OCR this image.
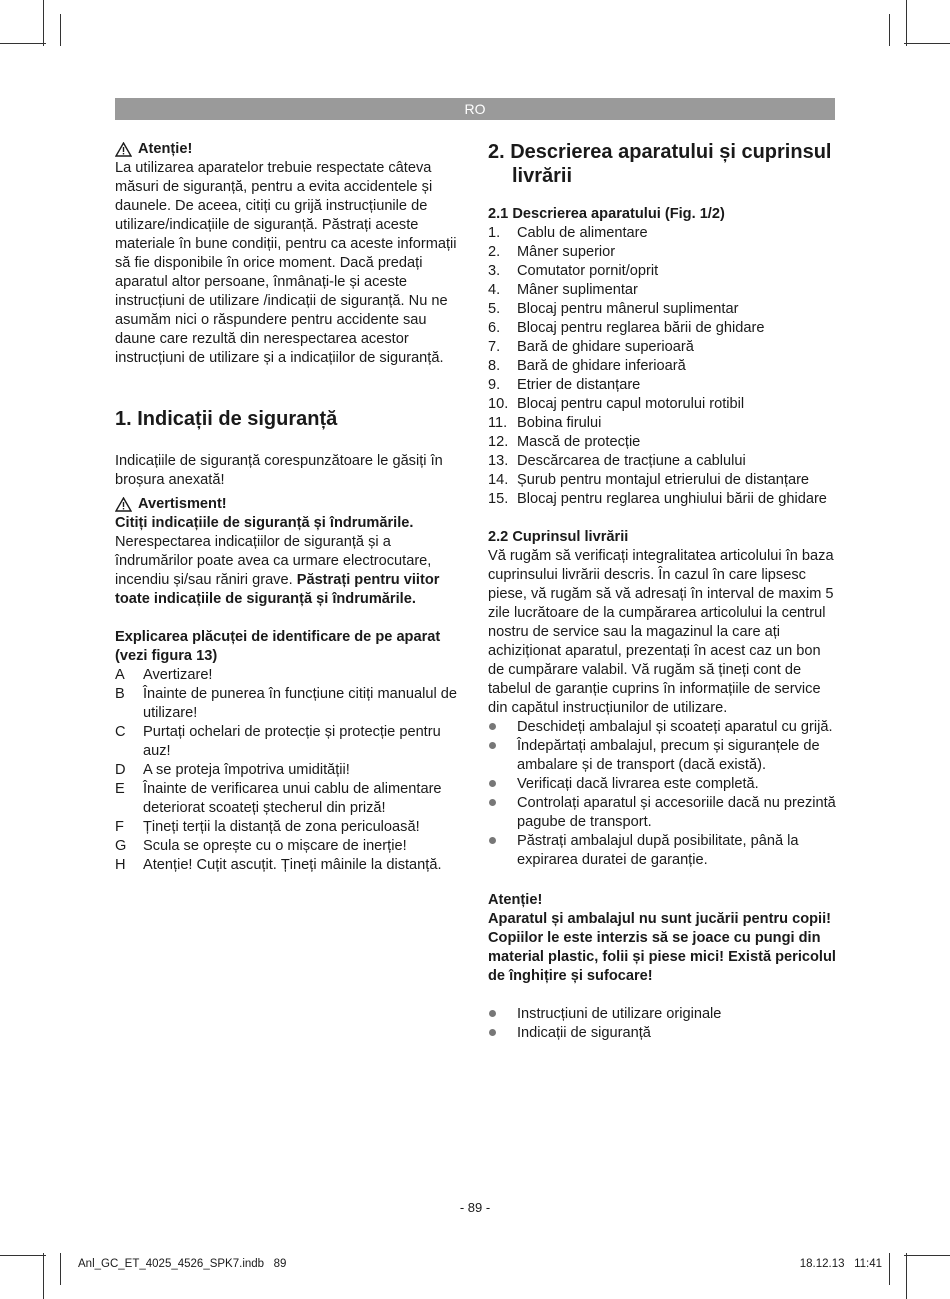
RO
Atenție!

La utilizarea aparatelor trebuie respectate câteva măsuri de siguranță, pentru a evita accidentele și daunele. De aceea, citiți cu grijă instrucțiunile de utilizare/indicațiile de siguranță. Păstrați aceste materiale în bune condiții, pentru ca aceste informații să fie disponibile în orice moment. Dacă predați aparatul altor persoane, înmânați-le și aceste instrucțiuni de utilizare /indicații de siguranță. Nu ne asumăm nici o răspundere pentru accidente sau daune care rezultă din nerespectarea acestor instrucțiuni de utilizare și a indicațiilor de siguranță.

1. Indicații de siguranță

Indicațiile de siguranță corespunzătoare le găsiți în broșura anexată!

Avertisment!

Citiți indicațiile de siguranță și îndrumările. Nerespectarea indicațiilor de siguranță și a îndrumărilor poate avea ca urmare electrocutare, incendiu și/sau răniri grave. Păstrați pentru viitor toate indicațiile de siguranță și îndrumările.

Explicarea plăcuței de identificare de pe aparat (vezi figura 13)

A	Avertizare!
B	Înainte de punerea în funcțiune citiți manualul de utilizare!
C	Purtați ochelari de protecție și protecție pentru auz!
D	A se proteja împotriva umidității!
E	Înainte de verificarea unui cablu de alimentare deteriorat scoateți ștecherul din priză!
F	Țineți terții la distanță de zona periculoasă!
G	Scula se oprește cu o mișcare de inerție!
H	Atenție! Cuțit ascuțit. Țineți mâinile la distanță.
2. Descrierea aparatului și cuprinsul livrării

2.1 Descrierea aparatului (Fig. 1/2)

1.	Cablu de alimentare
2.	Mâner superior
3.	Comutator pornit/oprit
4.	Mâner suplimentar
5.	Blocaj pentru mânerul suplimentar
6.	Blocaj pentru reglarea bării de ghidare
7.	Bară de ghidare superioară
8.	Bară de ghidare inferioară
9.	Etrier de distanțare
10. Blocaj pentru capul motorului rotibil
11. Bobina firului
12. Mască de protecție
13. Descărcarea de tracțiune a cablului
14. Șurub pentru montajul etrierului de distanțare
15. Blocaj pentru reglarea unghiului bării de ghidare

2.2 Cuprinsul livrării

Vă rugăm să verificați integralitatea articolului în baza cuprinsului livrării descris. În cazul în care lipsesc piese, vă rugăm să vă adresați în interval de maxim 5 zile lucrătoare de la cumpărarea articolului la centrul nostru de service sau la magazinul la care ați achiziționat aparatul, prezentați în acest caz un bon de cumpărare valabil. Vă rugăm să țineți cont de tabelul de garanție cuprins în informațiile de service din capătul instrucțiunilor de utilizare.

Deschideți ambalajul și scoateți aparatul cu grijă.
Îndepărtați ambalajul, precum și siguranțele de ambalare și de transport (dacă există).
Verificați dacă livrarea este completă.
Controlați aparatul și accesoriile dacă nu prezintă pagube de transport.
Păstrați ambalajul după posibilitate, până la expirarea duratei de garanție.

Atenție!

Aparatul și ambalajul nu sunt jucării pentru copii! Copiilor le este interzis să se joace cu pungi din material plastic, folii și piese mici! Există pericolul de înghițire și sufocare!

Instrucțiuni de utilizare originale
Indicații de siguranță
- 89 -
Anl_GC_ET_4025_4526_SPK7.indb   89	18.12.13   11:41
